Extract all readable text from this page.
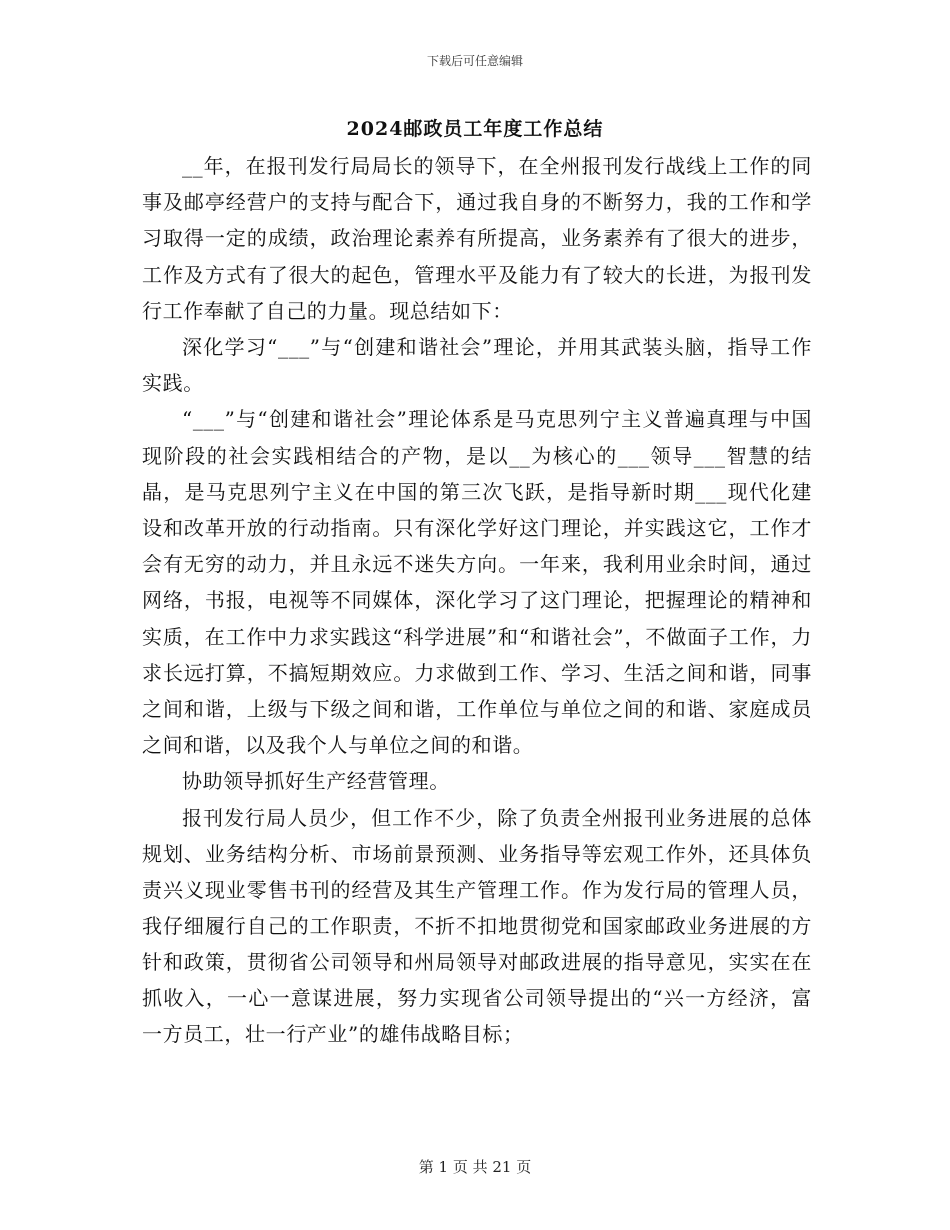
下载后可任意编辑
2024邮政员工年度工作总结

__年，在报刊发行局局长的领导下，在全州报刊发行战线上工作的同事及邮亭经营户的支持与配合下，通过我自身的不断努力，我的工作和学习取得一定的成绩，政治理论素养有所提高，业务素养有了很大的进步，工作及方式有了很大的起色，管理水平及能力有了较大的长进，为报刊发行工作奉献了自己的力量。现总结如下：

深化学习“___”与“创建和谐社会”理论，并用其武装头脑，指导工作实践。

“___”与“创建和谐社会”理论体系是马克思列宁主义普遍真理与中国现阶段的社会实践相结合的产物，是以__为核心的___领导___智慧的结晶，是马克思列宁主义在中国的第三次飞跃，是指导新时期___现代化建设和改革开放的行动指南。只有深化学好这门理论，并实践这它，工作才会有无穷的动力，并且永远不迷失方向。一年来，我利用业余时间，通过网络，书报，电视等不同媒体，深化学习了这门理论，把握理论的精神和实质，在工作中力求实践这“科学进展”和“和谐社会”，不做面子工作，力求长远打算，不搞短期效应。力求做到工作、学习、生活之间和谐，同事之间和谐，上级与下级之间和谐，工作单位与单位之间的和谐、家庭成员之间和谐，以及我个人与单位之间的和谐。

协助领导抓好生产经营管理。

报刊发行局人员少，但工作不少，除了负责全州报刊业务进展的总体规划、业务结构分析、市场前景预测、业务指导等宏观工作外，还具体负责兴义现业零售书刊的经营及其生产管理工作。作为发行局的管理人员，我仔细履行自己的工作职责，不折不扣地贯彻党和国家邮政业务进展的方针和政策，贯彻省公司领导和州局领导对邮政进展的指导意见，实实在在抓收入，一心一意谋进展，努力实现省公司领导提出的“兴一方经济，富一方员工，壮一行产业”的雄伟战略目标；

第 1 页 共 21 页
